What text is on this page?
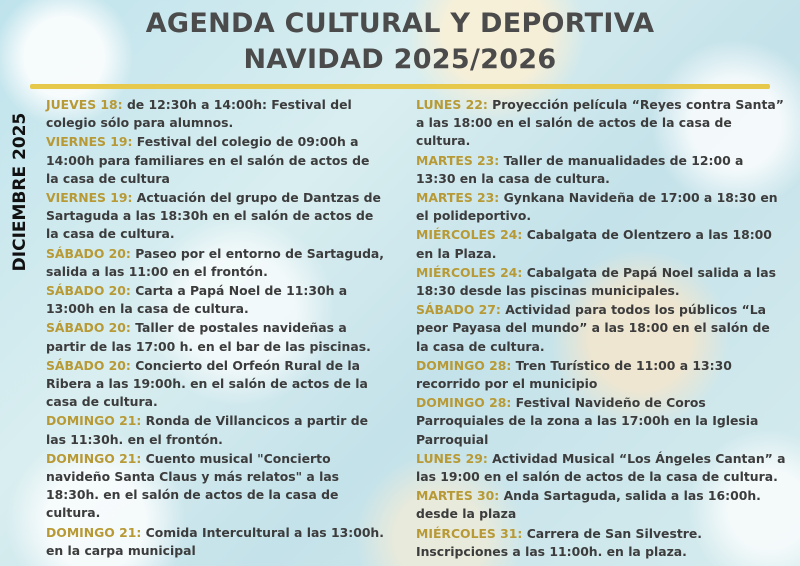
AGENDA CULTURAL Y DEPORTIVA
NAVIDAD 2025/2026
DICIEMBRE 2025
JUEVES 18: de 12:30h a 14:00h: Festival del colegio sólo para alumnos.
VIERNES 19: Festival del colegio de 09:00h a 14:00h para familiares en el salón de actos de la casa de cultura
VIERNES 19: Actuación del grupo de Dantzas de Sartaguda a las 18:30h en el salón de actos de la casa de cultura.
SÁBADO 20: Paseo por el entorno de Sartaguda, salida a las 11:00 en el frontón.
SÁBADO 20: Carta a Papá Noel de 11:30h a 13:00h en la casa de cultura.
SÁBADO 20: Taller de postales navideñas a partir de las 17:00 h. en el bar de las piscinas.
SÁBADO 20: Concierto del Orfeón Rural de la Ribera a las 19:00h. en el salón de actos de la casa de cultura.
DOMINGO 21: Ronda de Villancicos a partir de las 11:30h. en el frontón.
DOMINGO 21: Cuento musical "Concierto navideño Santa Claus y más relatos" a las 18:30h. en el salón de actos de la casa de cultura.
DOMINGO 21: Comida Intercultural a las 13:00h. en la carpa municipal
LUNES 22: Proyección película “Reyes contra Santa” a las 18:00 en el salón de actos de la casa de cultura.
MARTES 23: Taller de manualidades de 12:00 a 13:30 en la casa de cultura.
MARTES 23: Gynkana Navideña de 17:00 a 18:30 en el polideportivo.
MIÉRCOLES 24: Cabalgata de Olentzero a las 18:00 en la Plaza.
MIÉRCOLES 24: Cabalgata de Papá Noel salida a las 18:30 desde las piscinas municipales.
SÁBADO 27: Actividad para todos los públicos “La peor Payasa del mundo” a las 18:00 en el salón de la casa de cultura.
DOMINGO 28: Tren Turístico de 11:00 a 13:30 recorrido por el municipio
DOMINGO 28: Festival Navideño de Coros Parroquiales de la zona a las 17:00h en la Iglesia Parroquial
LUNES 29: Actividad Musical “Los Ángeles Cantan” a las 19:00 en el salón de actos de la casa de cultura.
MARTES 30: Anda Sartaguda, salida a las 16:00h. desde la plaza
MIÉRCOLES 31: Carrera de San Silvestre. Inscripciones a las 11:00h. en la plaza.
